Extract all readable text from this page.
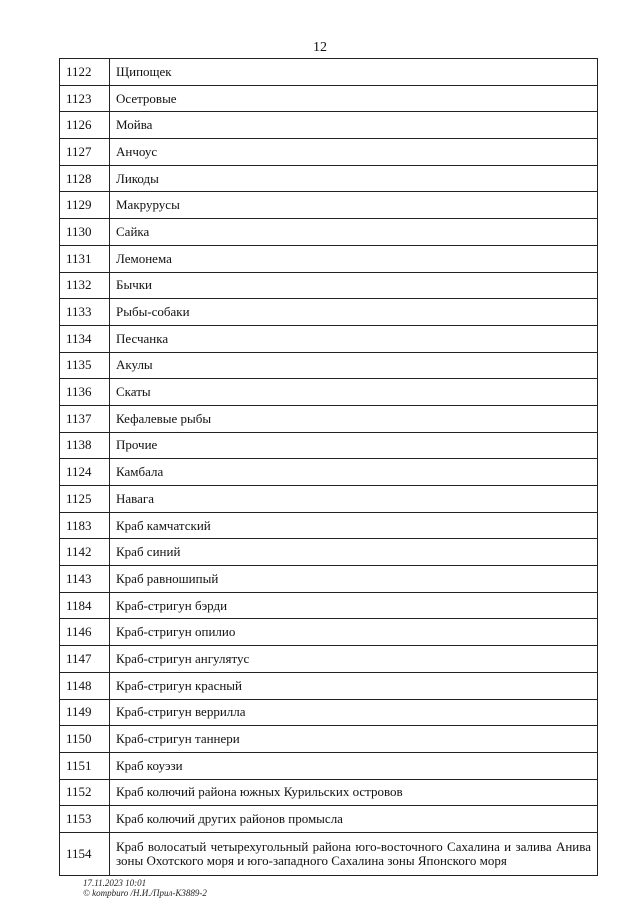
12
1122	Щипощек
1123	Осетровые
1126	Мойва
1127	Анчоус
1128	Ликоды
1129	Макрурусы
1130	Сайка
1131	Лемонема
1132	Бычки
1133	Рыбы-собаки
1134	Песчанка
1135	Акулы
1136	Скаты
1137	Кефалевые рыбы
1138	Прочие
1124	Камбала
1125	Навага
1183	Краб камчатский
1142	Краб синий
1143	Краб равношипый
1184	Краб-стригун бэрди
1146	Краб-стригун опилио
1147	Краб-стригун ангулятус
1148	Краб-стригун красный
1149	Краб-стригун веррилла
1150	Краб-стригун таннери
1151	Краб коуэзи
1152	Краб колючий района южных Курильских островов
1153	Краб колючий других районов промысла
1154	Краб волосатый четырехугольный района юго-восточного Сахалина и залива Анива зоны Охотского моря и юго-западного Сахалина зоны Японского моря
17.11.2023 10:01
© kompburo /Н.И./Прил-К3889-2
